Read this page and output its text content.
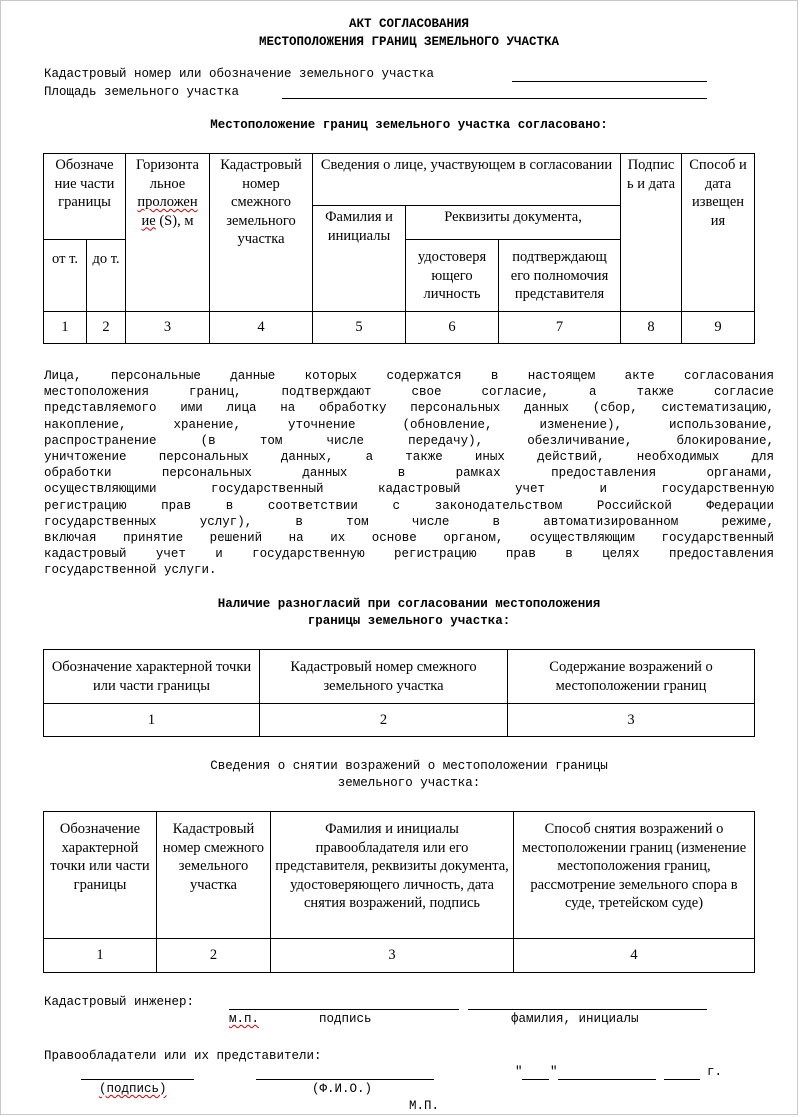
АКТ СОГЛАСОВАНИЯ
МЕСТОПОЛОЖЕНИЯ ГРАНИЦ ЗЕМЕЛЬНОГО УЧАСТКА
Кадастровый номер или обозначение земельного участка
Площадь земельного участка
Местоположение границ земельного участка согласовано:
Обозначе ние части границы		Горизонта льное проложен ие (S), м	Кадастровый номер смежного земельного участка	Сведения о лице, участвующем в согласовании			Подпис ь и дата	Способ и дата извещен ия
				Фамилия и инициалы	Реквизиты документа,			
от т.	до т.				удостоверя ющего личность	подтверждающ его полномочия представителя		
1	2	3	4	5	6	7	8	9
Лица, персональные данные которых содержатся в настоящем акте согласования
местоположения границ, подтверждают свое согласие, а также согласие
представляемого ими лица на обработку персональных данных (сбор, систематизацию,
накопление, хранение, уточнение (обновление, изменение), использование,
распространение (в том числе передачу), обезличивание, блокирование,
уничтожение персональных данных, а также иных действий, необходимых для
обработки персональных данных в рамках предоставления органами,
осуществляющими государственный кадастровый учет и государственную
регистрацию прав в соответствии с законодательством Российской Федерации
государственных услуг), в том числе в автоматизированном режиме,
включая принятие решений на их основе органом, осуществляющим государственный
кадастровый учет и государственную регистрацию прав в целях предоставления
государственной услуги.
Наличие разногласий при согласовании местоположения
границы земельного участка:
Обозначение характерной точки или части границы	Кадастровый номер смежного земельного участка	Содержание возражений о местоположении границ
1	2	3
Сведения о снятии возражений о местоположении границы
земельного участка:
Обозначение характерной точки или части границы	Кадастровый номер смежного земельного участка	Фамилия и инициалы правообладателя или его представителя, реквизиты документа, удостоверяющего личность, дата снятия возражений, подпись	Способ снятия возражений о местоположении границ (изменение местоположения границ, рассмотрение земельного спора в суде, третейском суде)
1	2	3	4
Кадастровый инженер:
м.п.	подпись	фамилия, инициалы
Правообладатели или их представители:
(подпись)	(Ф.И.О.)
" "	г.
М.П.
